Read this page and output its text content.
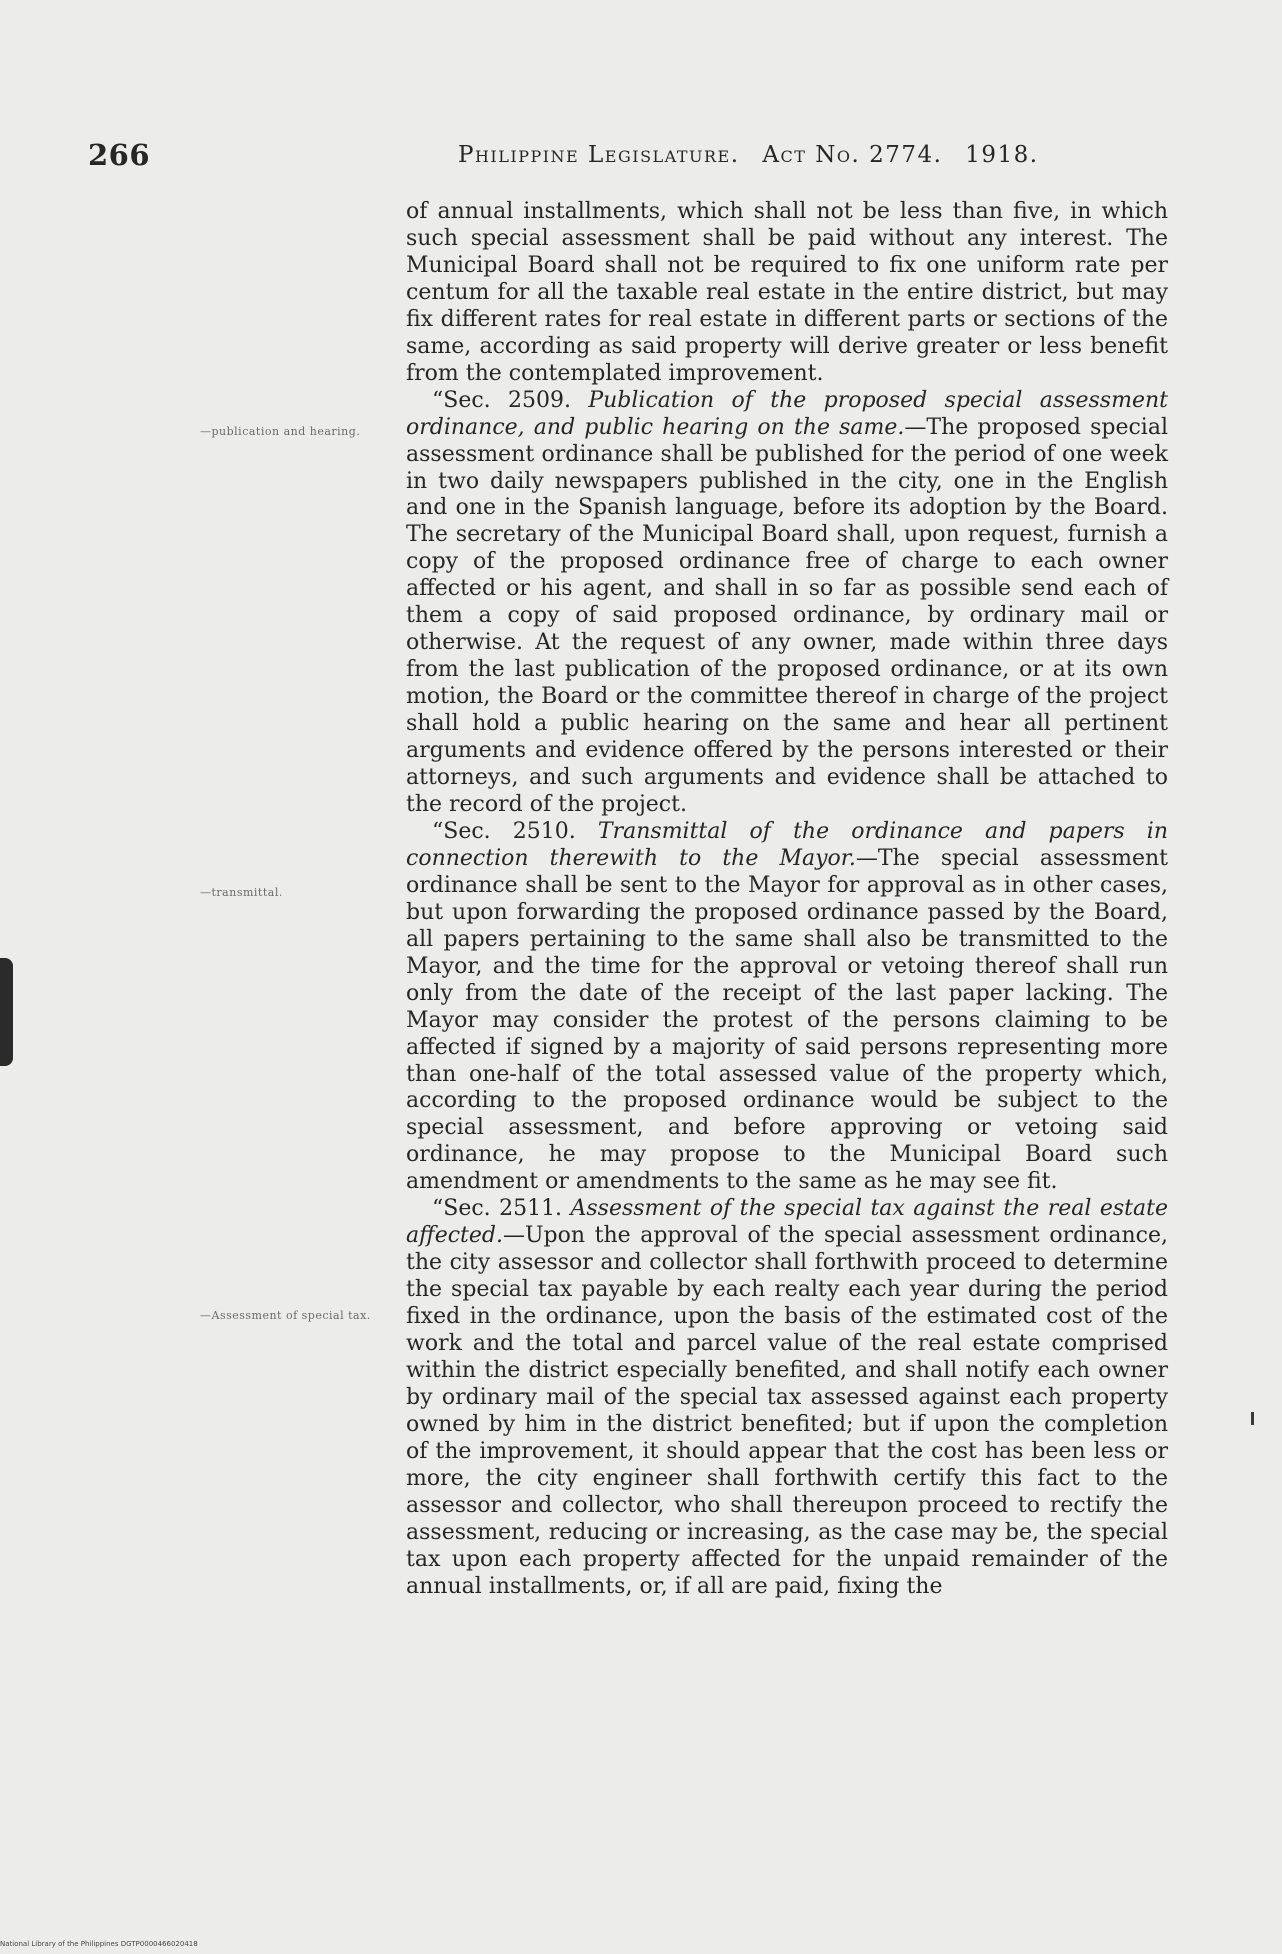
266	Philippine Legislature. Act No. 2774. 1918.
—publication and hearing.
—transmittal.
—Assessment of special tax.

of annual installments, which shall not be less than five, in which such special assessment shall be paid without any interest. The Municipal Board shall not be required to fix one uniform rate per centum for all the taxable real estate in the entire district, but may fix different rates for real estate in different parts or sections of the same, according as said property will derive greater or less benefit from the contemplated improvement.

“Sec. 2509. Publication of the proposed special assessment ordinance, and public hearing on the same.—The proposed special assessment ordinance shall be published for the period of one week in two daily newspapers published in the city, one in the English and one in the Spanish language, before its adoption by the Board. The secretary of the Municipal Board shall, upon request, furnish a copy of the proposed ordinance free of charge to each owner affected or his agent, and shall in so far as possible send each of them a copy of said proposed ordinance, by ordinary mail or otherwise. At the request of any owner, made within three days from the last publication of the proposed ordinance, or at its own motion, the Board or the committee thereof in charge of the project shall hold a public hearing on the same and hear all pertinent arguments and evidence offered by the persons interested or their attorneys, and such arguments and evidence shall be attached to the record of the project.

“Sec. 2510. Transmittal of the ordinance and papers in connection therewith to the Mayor.—The special assessment ordinance shall be sent to the Mayor for approval as in other cases, but upon forwarding the proposed ordinance passed by the Board, all papers pertaining to the same shall also be transmitted to the Mayor, and the time for the approval or vetoing thereof shall run only from the date of the receipt of the last paper lacking. The Mayor may consider the protest of the persons claiming to be affected if signed by a majority of said persons representing more than one-half of the total assessed value of the property which, according to the proposed ordinance would be subject to the special assessment, and before approving or vetoing said ordinance, he may propose to the Municipal Board such amendment or amendments to the same as he may see fit.

“Sec. 2511. Assessment of the special tax against the real estate affected.—Upon the approval of the special assessment ordinance, the city assessor and collector shall forthwith proceed to determine the special tax payable by each realty each year during the period fixed in the ordinance, upon the basis of the estimated cost of the work and the total and parcel value of the real estate comprised within the district especially benefited, and shall notify each owner by ordinary mail of the special tax assessed against each property owned by him in the district benefited; but if upon the completion of the improvement, it should appear that the cost has been less or more, the city engineer shall forthwith certify this fact to the assessor and collector, who shall thereupon proceed to rectify the assessment, reducing or increasing, as the case may be, the special tax upon each property affected for the unpaid remainder of the annual installments, or, if all are paid, fixing the

National Library of the Philippines DGTP0000466020418
